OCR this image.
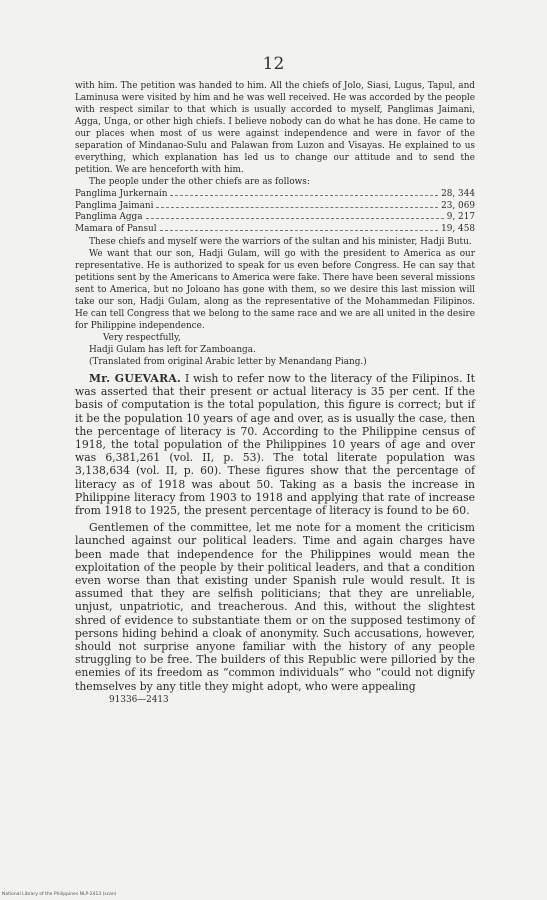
12

with him. The petition was handed to him. All the chiefs of Jolo, Siasi, Lugus, Tapul, and Laminusa were visited by him and he was well received. He was accorded by the people with respect similar to that which is usually accorded to myself, Panglimas Jaimani, Agga, Unga, or other high chiefs. I believe nobody can do what he has done. He came to our places when most of us were against independence and were in favor of the separation of Mindanao-Sulu and Palawan from Luzon and Visayas. He explained to us everything, which explanation has led us to change our attitude and to send the petition. We are henceforth with him.

The people under the other chiefs are as follows:

Panglima Jurkernain	28, 344
Panglima Jaimani	23, 069
Panglima Agga	9, 217
Mamara of Pansul	19, 458

These chiefs and myself were the warriors of the sultan and his minister, Hadji Butu.

We want that our son, Hadji Gulam, will go with the president to America as our representative. He is authorized to speak for us even before Congress. He can say that petitions sent by the Americans to America were fake. There have been several missions sent to America, but no Joloano has gone with them, so we desire this last mission will take our son, Hadji Gulam, along as the representative of the Mohammedan Filipinos. He can tell Congress that we belong to the same race and we are all united in the desire for Philippine independence.

Very respectfully,

Hadji Gulam has left for Zamboanga.

(Translated from original Arabic letter by Menandang Piang.)

Mr. GUEVARA. I wish to refer now to the literacy of the Filipinos. It was asserted that their present or actual literacy is 35 per cent. If the basis of computation is the total population, this figure is correct; but if it be the population 10 years of age and over, as is usually the case, then the percentage of literacy is 70. According to the Philippine census of 1918, the total population of the Philippines 10 years of age and over was 6,381,261 (vol. II, p. 53). The total literate population was 3,138,634 (vol. II, p. 60). These figures show that the percentage of literacy as of 1918 was about 50. Taking as a basis the increase in Philippine literacy from 1903 to 1918 and applying that rate of increase from 1918 to 1925, the present percentage of literacy is found to be 60.

Gentlemen of the committee, let me note for a moment the criticism launched against our political leaders. Time and again charges have been made that independence for the Philippines would mean the exploitation of the people by their political leaders, and that a condition even worse than that existing under Spanish rule would result. It is assumed that they are selfish politicians; that they are unreliable, unjust, unpatriotic, and treacherous. And this, without the slightest shred of evidence to substantiate them or on the supposed testimony of persons hiding behind a cloak of anonymity. Such accusations, however, should not surprise anyone familiar with the history of any people struggling to be free. The builders of this Republic were pilloried by the enemies of its freedom as “common individuals” who “could not dignify themselves by any title they might adopt, who were appealing

91336—2413

National Library of the Philippines NLP-2413 (scan)
